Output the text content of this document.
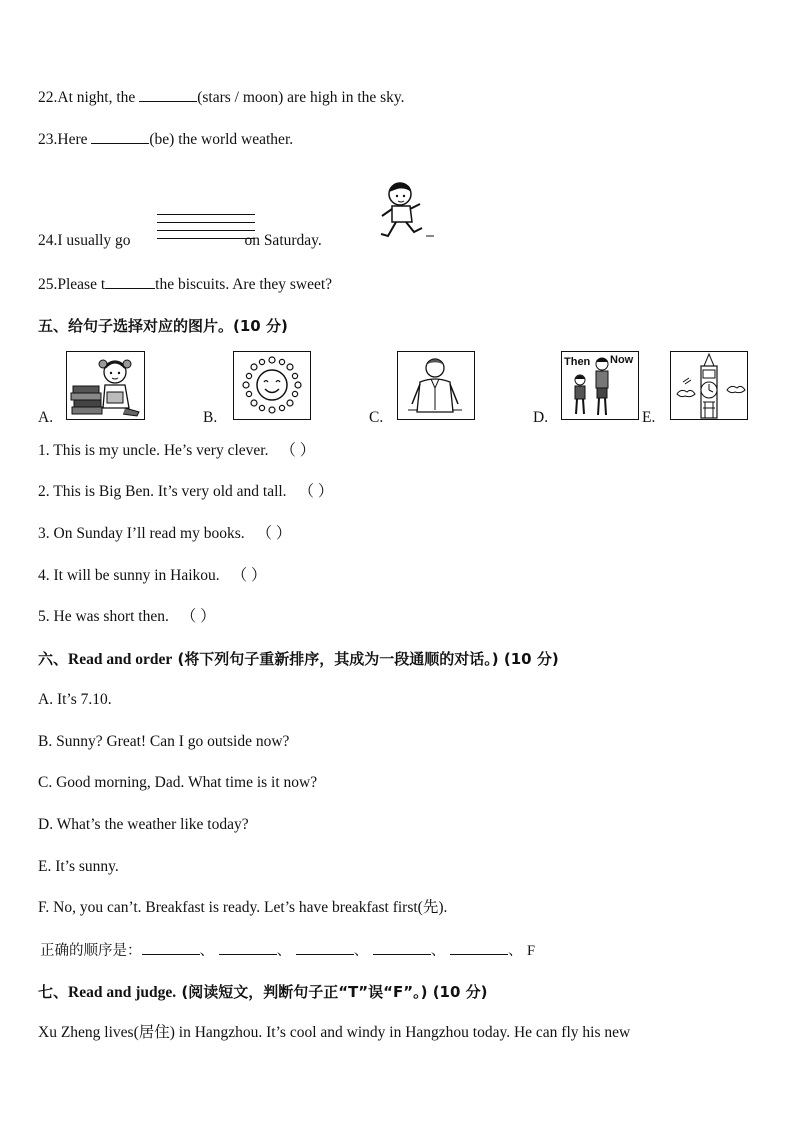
22.At night, the	(stars / moon) are high in the sky.
23.Here	(be) the world weather.
24.I usually go	on Saturday.
25.Please t	the biscuits. Are they sweet?
五、给句子选择对应的图片。(10 分)
A.	B.	C.	D.
Then Now
E.
1. This is my uncle. He’s very clever. （ ）
2. This is Big Ben. It’s very old and tall. （ ）
3. On Sunday I’ll read my books. （ ）
4. It will be sunny in Haikou. （ ）
5. He was short then. （ ）
六、Read and order (将下列句子重新排序，其成为一段通顺的对话。) (10 分)
A. It’s 7.10.
B. Sunny? Great! Can I go outside now?
C. Good morning, Dad. What time is it now?
D. What’s the weather like today?
E. It’s sunny.
F. No, you can’t. Breakfast is ready. Let’s have breakfast first(先).
正确的顺序是：	、	、	、	、	、 F
七、Read and judge. (阅读短文，判断句子正“T”误“F”。) (10 分)
Xu Zheng lives(居住) in Hangzhou. It’s cool and windy in Hangzhou today. He can fly his new
